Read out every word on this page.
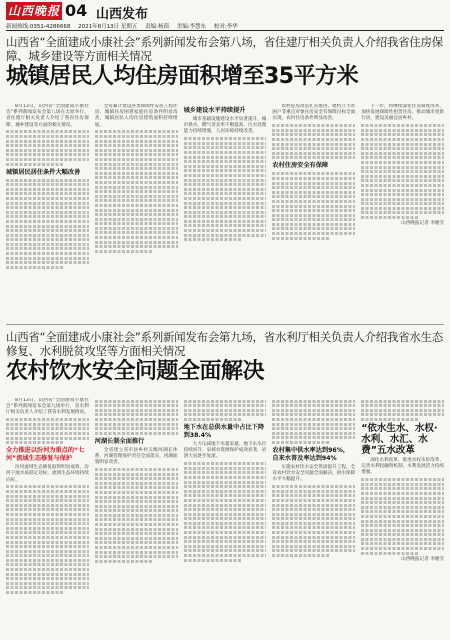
山西晚报 04 山西发布
新闻热线:0351-4286668 2021年8月13日 星期五 责编:杨茵 美编:李慧东 校对:李华
山西省“全面建成小康社会”系列新闻发布会第八场，省住建厅相关负责人介绍我省住房保障、城乡建设等方面相关情况
城镇居民人均住房面积增至35平方米

8月13日，山西省“全面建成小康社会”系列新闻发布会第八场在太原举行。省住建厅相关负责人介绍了我省住房保障、城乡建设等方面的相关情况。

城镇居民居住条件大幅改善

全省累计建设各类保障性安居工程住房，城镇住房困难家庭住房条件明显改善，城镇居民人均住房建筑面积持续增加。

城乡建设水平持续提升

城市基础设施建设水平显著提升，城市供水、燃气普及率不断提高，污水处理能力持续增强，人居环境持续改善。

农村危房改造扎实推进，建档立卡贫困户等重点对象住房安全有保障目标全面实现，农村住房条件明显改善。

农村住房安全有保障

下一步，将继续深化住房制度改革，加快发展保障性租赁住房，推动城市更新行动，建设美丽宜居乡村。

山西晚报记者 李晓雪
山西省“全面建成小康社会”系列新闻发布会第九场，省水利厅相关负责人介绍我省水生态修复、水利脱贫攻坚等方面相关情况
农村饮水安全问题全面解决

8月13日，山西省“全面建成小康社会”系列新闻发布会第九场举行，省水利厅相关负责人介绍了我省水利发展情况。

全力推进以汾河为重点的“七河”流域生态修复与保护

汾河流域生态修复取得明显成效，汾河干流水质稳定达标，流域生态环境持续向好。

河湖长制全面推行

全省建立省市县乡村五级河湖长体系，河湖管理保护责任全面落实，河湖面貌明显改善。

地下水在总供水量中占比下降到38.4%

大力压减地下水超采量，地下水水位持续回升，泉域水资源保护成效显著，岩溶大泉逐步复流。

农村集中供水率达到96%，自来水普及率达到94%

实施农村饮水安全巩固提升工程，全省农村饮水安全问题全面解决，供水保障水平大幅提升。

“依水生水、水权·水利、水汇、水费”五水改革

深化水利改革，推进水权水价改革，完善水利投融资机制，水利发展活力持续增强。

山西晚报记者 李晓雪
